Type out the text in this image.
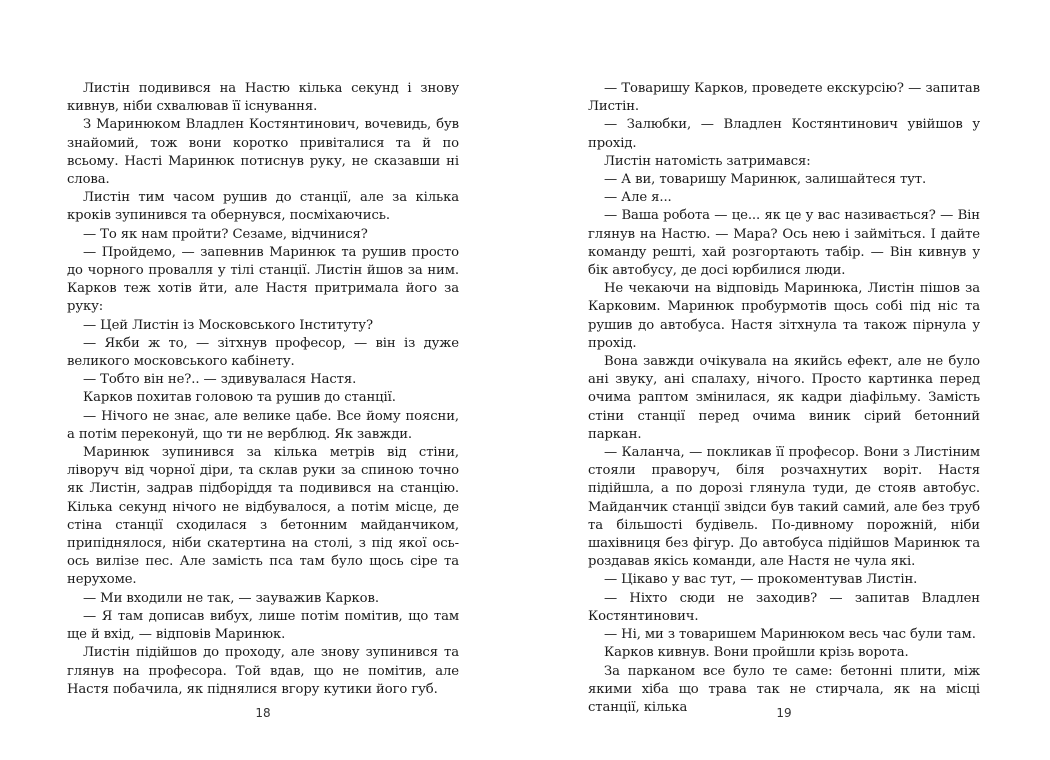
Листін подивився на Настю кілька секунд і знову кивнув, ніби схвалював її існування.

З Маринюком Владлен Костянтинович, вочевидь, був знайомий, тож вони коротко привіталися та й по всьому. Насті Маринюк потиснув руку, не сказавши ні слова.

Листін тим часом рушив до станції, але за кілька кроків зупинився та обернувся, посміхаючись.

— То як нам пройти? Сезаме, відчинися?

— Пройдемо, — запевнив Маринюк та рушив просто до чорного провалля у тілі станції. Листін йшов за ним. Карков теж хотів йти, але Настя притримала його за руку:

— Цей Листін із Московського Інституту?

— Якби ж то, — зітхнув професор, — він із дуже великого московського кабінету.

— Тобто він не?.. — здивувалася Настя.

Карков похитав головою та рушив до станції.

— Нічого не знає, але велике цабе. Все йому поясни, а потім переконуй, що ти не верблюд. Як завжди.

Маринюк зупинився за кілька метрів від стіни, ліворуч від чорної діри, та склав руки за спиною точно як Листін, задрав підборіддя та подивився на станцію. Кілька секунд нічого не відбувалося, а потім місце, де стіна станції сходилася з бетонним майданчиком, припіднялося, ніби скатертина на столі, з під якої ось-ось вилізе пес. Але замість пса там було щось сіре та нерухоме.

— Ми входили не так, — зауважив Карков.

— Я там дописав вибух, лише потім помітив, що там ще й вхід, — відповів Маринюк.

Листін підійшов до проходу, але знову зупинився та глянув на професора. Той вдав, що не помітив, але Настя побачила, як піднялися вгору кутики його губ.

18

— Товаришу Карков, проведете екскурсію? — запитав Листін.

— Залюбки, — Владлен Костянтинович увійшов у прохід.

Листін натомість затримався:

— А ви, товаришу Маринюк, залишайтеся тут.

— Але я...

— Ваша робота — це... як це у вас називається? — Він глянув на Настю. — Мара? Ось нею і займіться. І дайте команду решті, хай розгортають табір. — Він кивнув у бік автобусу, де досі юрбилися люди.

Не чекаючи на відповідь Маринюка, Листін пішов за Карковим. Маринюк пробурмотів щось собі під ніс та рушив до автобуса. Настя зітхнула та також пірнула у прохід.

Вона завжди очікувала на якийсь ефект, але не було ані звуку, ані спалаху, нічого. Просто картинка перед очима раптом змінилася, як кадри діафільму. Замість стіни станції перед очима виник сірий бетонний паркан.

— Каланча, — покликав її професор. Вони з Листіним стояли праворуч, біля розчахнутих воріт. Настя підійшла, а по дорозі глянула туди, де стояв автобус. Майданчик станції звідси був такий самий, але без труб та більшості будівель. По-дивному порожній, ніби шахівниця без фігур. До автобуса підійшов Маринюк та роздавав якісь команди, але Настя не чула які.

— Цікаво у вас тут, — прокоментував Листін.

— Ніхто сюди не заходив? — запитав Владлен Костянтинович.

— Ні, ми з товаришем Маринюком весь час були там.

Карков кивнув. Вони пройшли крізь ворота.

За парканом все було те саме: бетонні плити, між якими хіба що трава так не стирчала, як на місці станції, кілька	19
